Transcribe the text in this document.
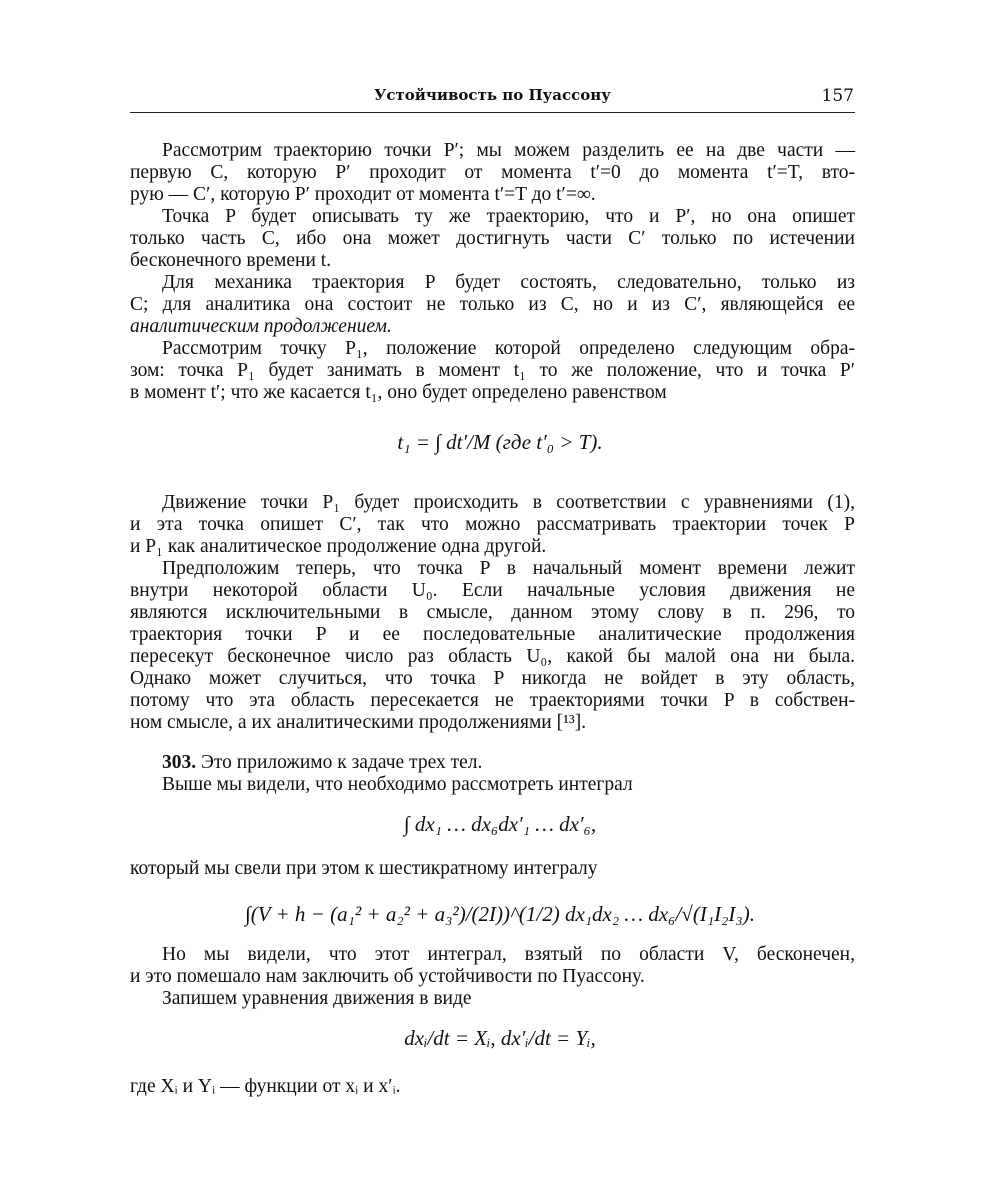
Устойчивость по Пуассону	157
Рассмотрим траекторию точки P′; мы можем разделить ее на две части —
первую C, которую P′ проходит от момента t′=0 до момента t′=T, вто-
рую — C′, которую P′ проходит от момента t′=T до t′=∞.
Точка P будет описывать ту же траекторию, что и P′, но она опишет
только часть C, ибо она может достигнуть части C′ только по истечении
бесконечного времени t.
Для механика траектория P будет состоять, следовательно, только из
C; для аналитика она состоит не только из C, но и из C′, являющейся ее
аналитическим продолжением.
Рассмотрим точку P₁, положение которой определено следующим обра-
зом: точка P₁ будет занимать в момент t₁ то же положение, что и точка P′
в момент t′; что же касается t₁, оно будет определено равенством
t₁ = ∫ dt′/M (где t′₀ > T).
Движение точки P₁ будет происходить в соответствии с уравнениями (1),
и эта точка опишет C′, так что можно рассматривать траектории точек P
и P₁ как аналитическое продолжение одна другой.
Предположим теперь, что точка P в начальный момент времени лежит
внутри некоторой области U₀. Если начальные условия движения не
являются исключительными в смысле, данном этому слову в п. 296, то
траектория точки P и ее последовательные аналитические продолжения
пересекут бесконечное число раз область U₀, какой бы малой она ни была.
Однако может случиться, что точка P никогда не войдет в эту область,
потому что эта область пересекается не траекториями точки P в собствен-
ном смысле, а их аналитическими продолжениями [¹³].
303. Это приложимо к задаче трех тел.
Выше мы видели, что необходимо рассмотреть интеграл
∫ dx₁ … dx₆dx′₁ … dx′₆,
который мы свели при этом к шестикратному интегралу
∫(V + h − (a₁² + a₂² + a₃²)/(2I))^(1/2) dx₁dx₂ … dx₆/√(I₁I₂I₃).
Но мы видели, что этот интеграл, взятый по области V, бесконечен,
и это помешало нам заключить об устойчивости по Пуассону.
Запишем уравнения движения в виде
dxᵢ/dt = Xᵢ, dx′ᵢ/dt = Yᵢ,
где Xᵢ и Yᵢ — функции от xᵢ и x′ᵢ.
